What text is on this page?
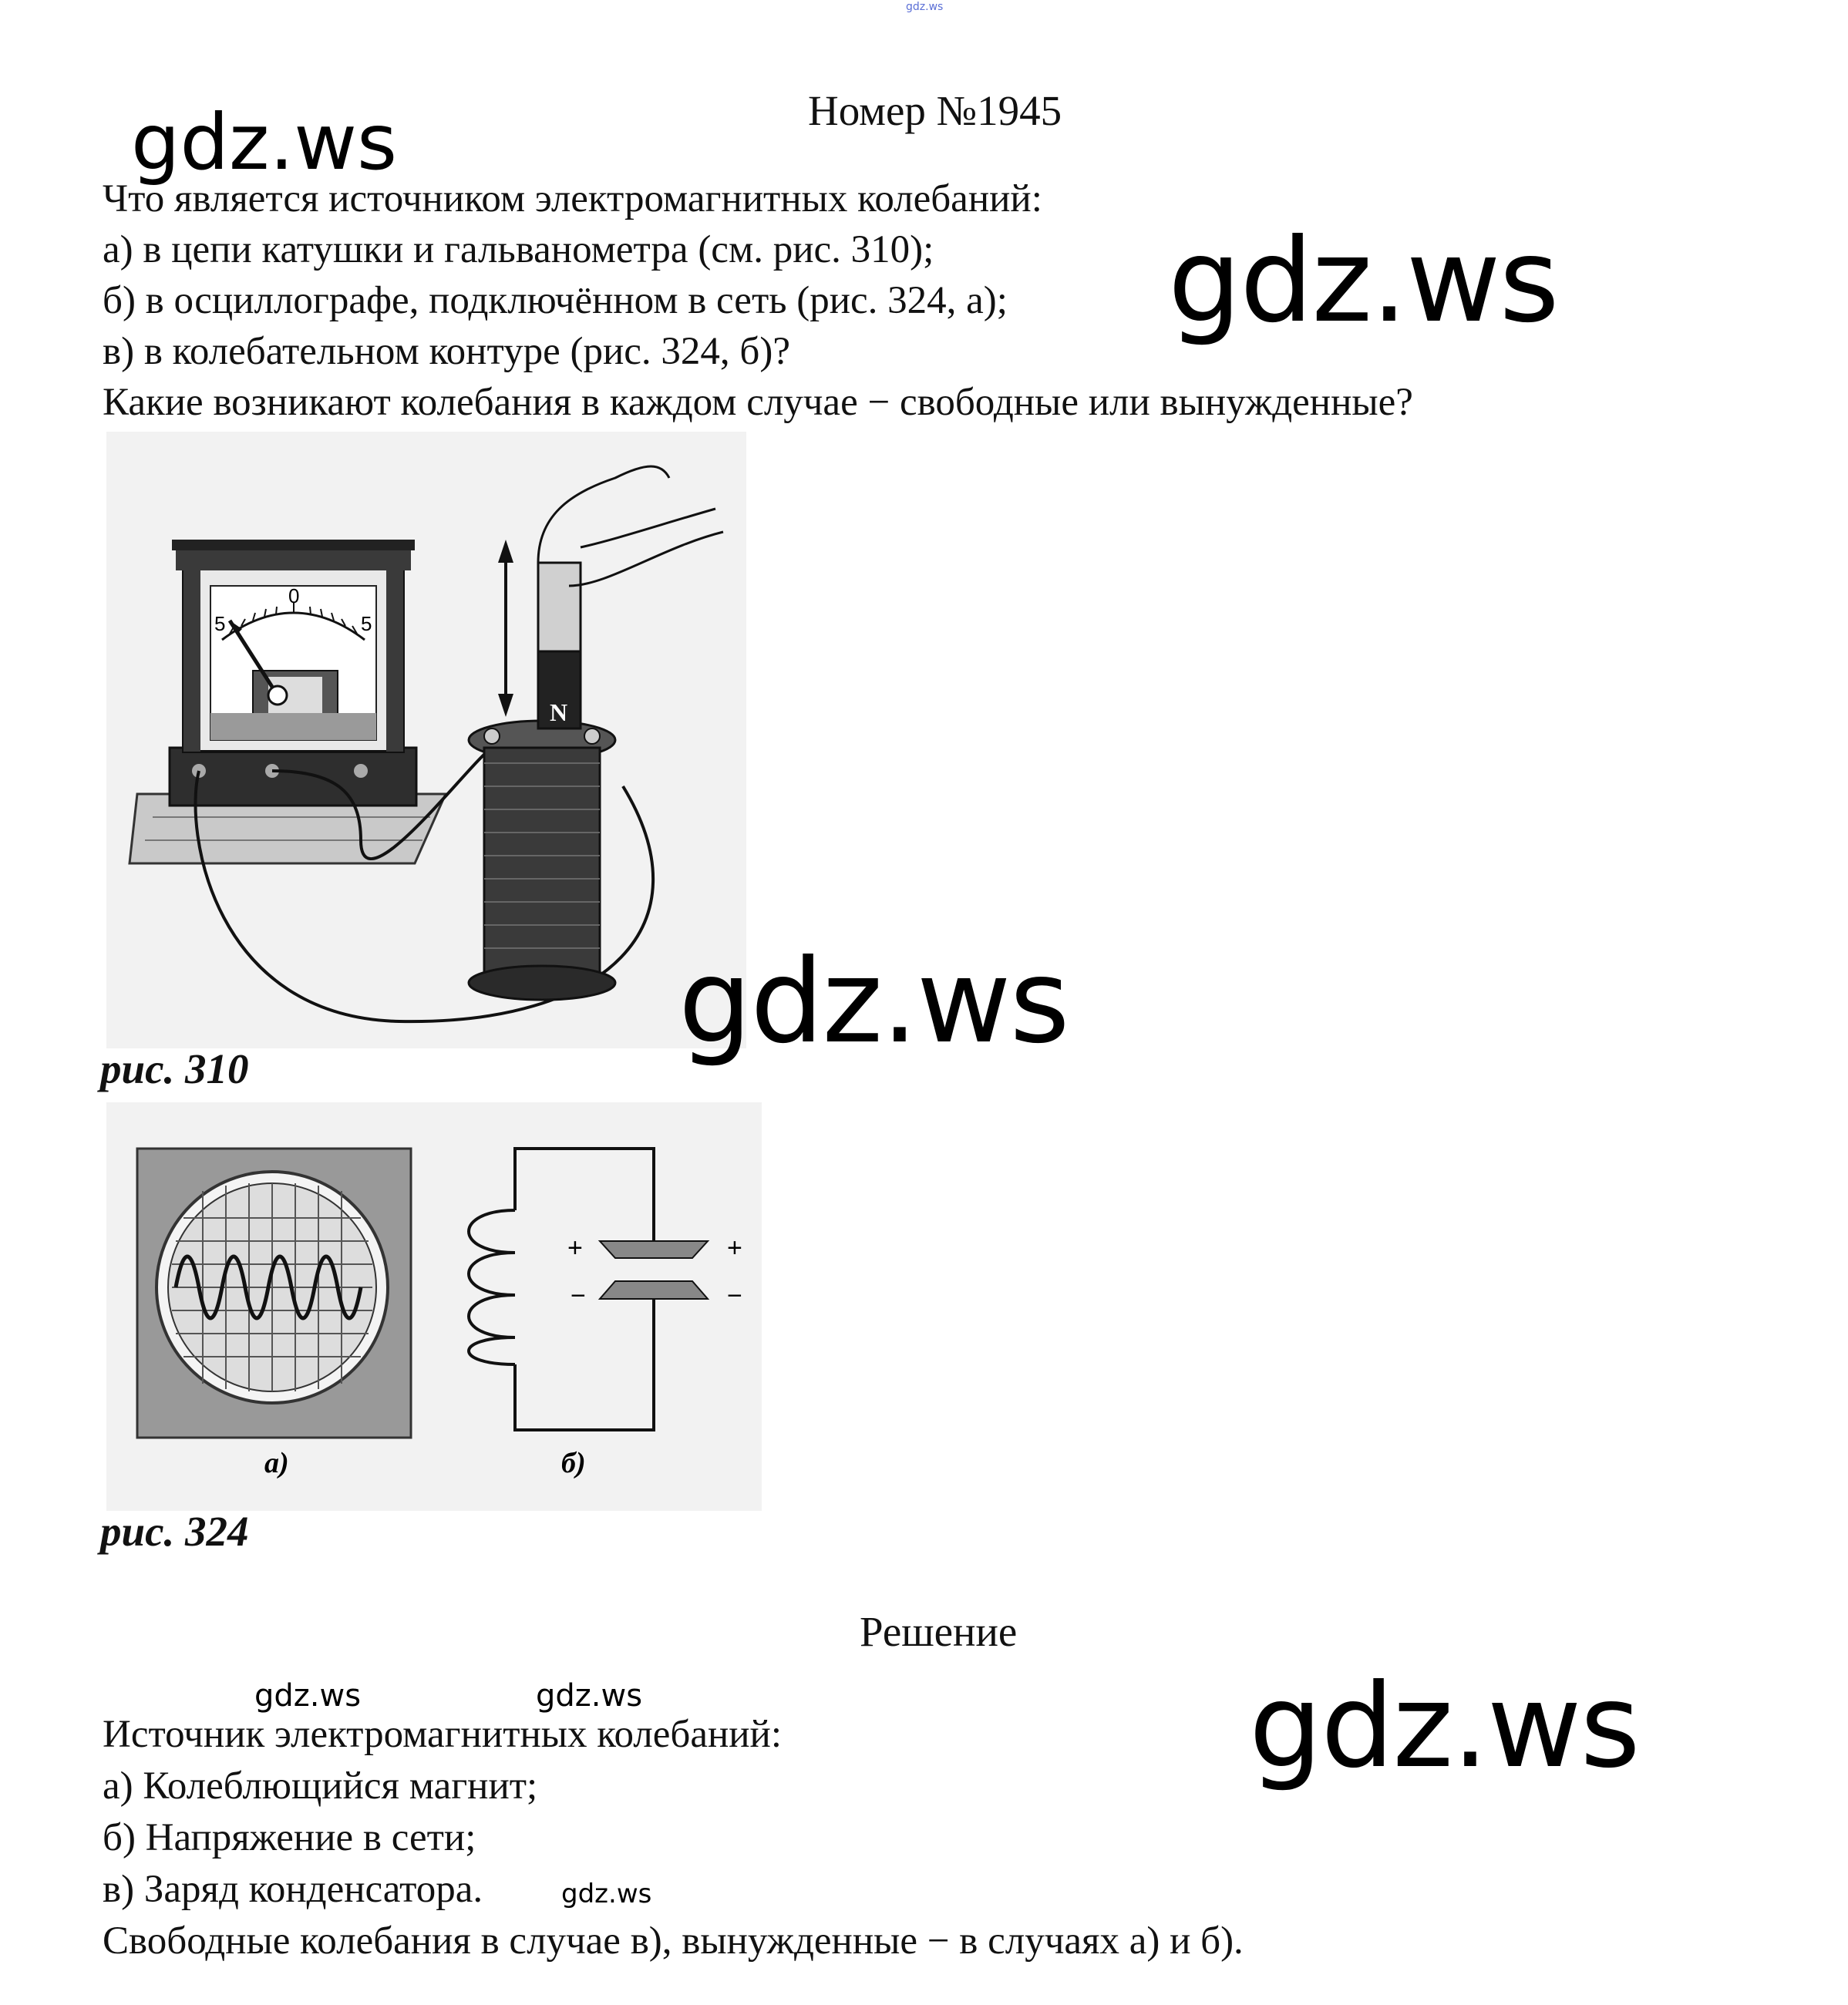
gdz.ws
Номер №1945
Что является источником электромагнитных колебаний:
а) в цепи катушки и гальванометра (см. рис. 310);
б) в осциллографе, подключённом в сеть (рис. 324, а);
в) в колебательном контуре (рис. 324, б)?
Какие возникают колебания в каждом случае − свободные или вынужденные?
5
0
5
N
рис. 310
+	+
−	−
а)	б)
рис. 324
Решение
Источник электромагнитных колебаний:
а) Колеблющийся магнит;
б) Напряжение в сети;
в) Заряд конденсатора.
Свободные колебания в случае в), вынужденные − в случаях а) и б).
gdz.ws
gdz.ws
gdz.ws
gdz.ws	gdz.ws	gdz.ws
gdz.ws
